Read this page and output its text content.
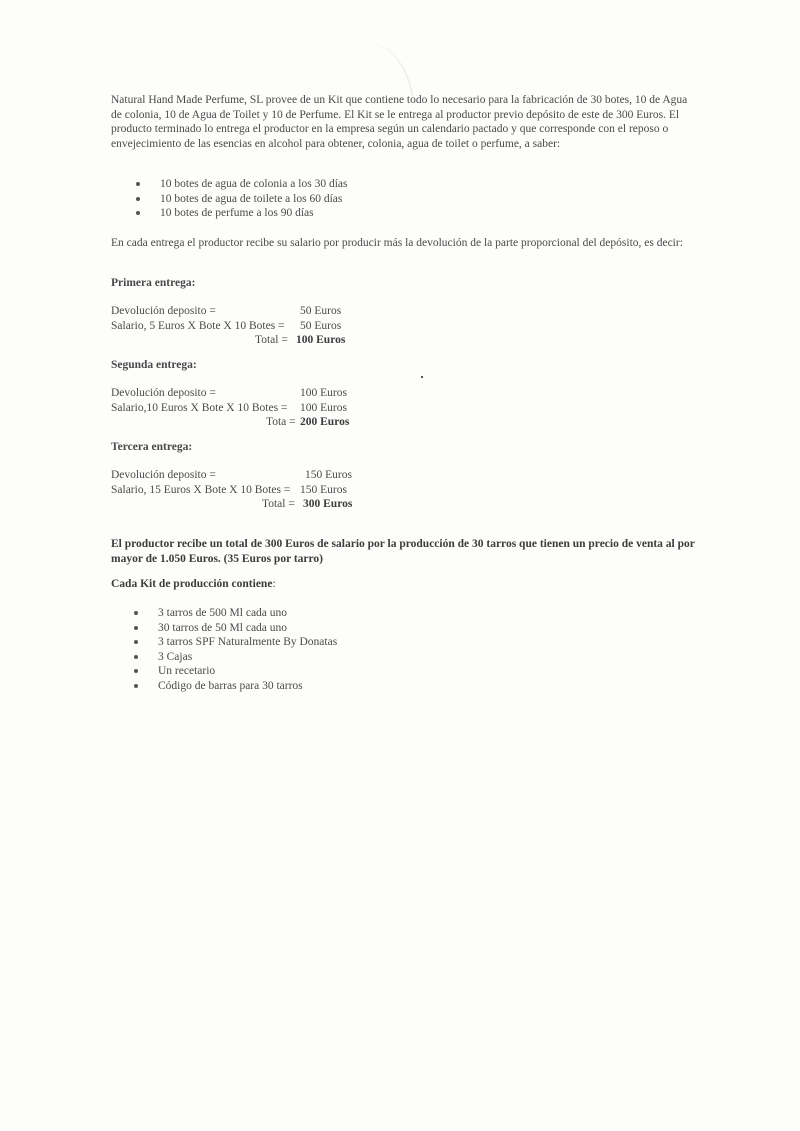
Natural Hand Made Perfume, SL provee de un Kit que contiene todo lo necesario para la fabricación de 30 botes, 10 de Agua de colonia, 10 de Agua de Toilet y 10 de Perfume. El Kit se le entrega al productor previo depósito de este de 300 Euros. El producto terminado lo entrega el productor en la empresa según un calendario pactado y que corresponde con el reposo o envejecimiento de las esencias en alcohol para obtener, colonia, agua de toilet o perfume, a saber:

10 botes de agua de colonia a los 30 días
10 botes de agua de toilete a los 60 días
10 botes de perfume a los 90 días

En cada entrega el productor recibe su salario por producir más la devolución de la parte proporcional del depósito, es decir:

Primera entrega:

Devolución deposito =	50 Euros
Salario, 5 Euros X Bote X 10 Botes = 50 Euros
Total = 100 Euros

Segunda entrega:

Devolución deposito =	100 Euros
Salario,10 Euros X Bote X 10 Botes = 100 Euros
Tota = 200 Euros

Tercera entrega:

Devolución deposito =	150 Euros
Salario, 15 Euros X Bote X 10 Botes = 150 Euros
Total = 300 Euros

El productor recibe un total de 300 Euros de salario por la producción de 30 tarros que tienen un precio de venta al por mayor de 1.050 Euros. (35 Euros por tarro)

Cada Kit de producción contiene:

3 tarros de 500 Ml cada uno
30 tarros de 50 Ml cada uno
3 tarros SPF Naturalmente By Donatas
3 Cajas
Un recetario
Código de barras para 30 tarros
